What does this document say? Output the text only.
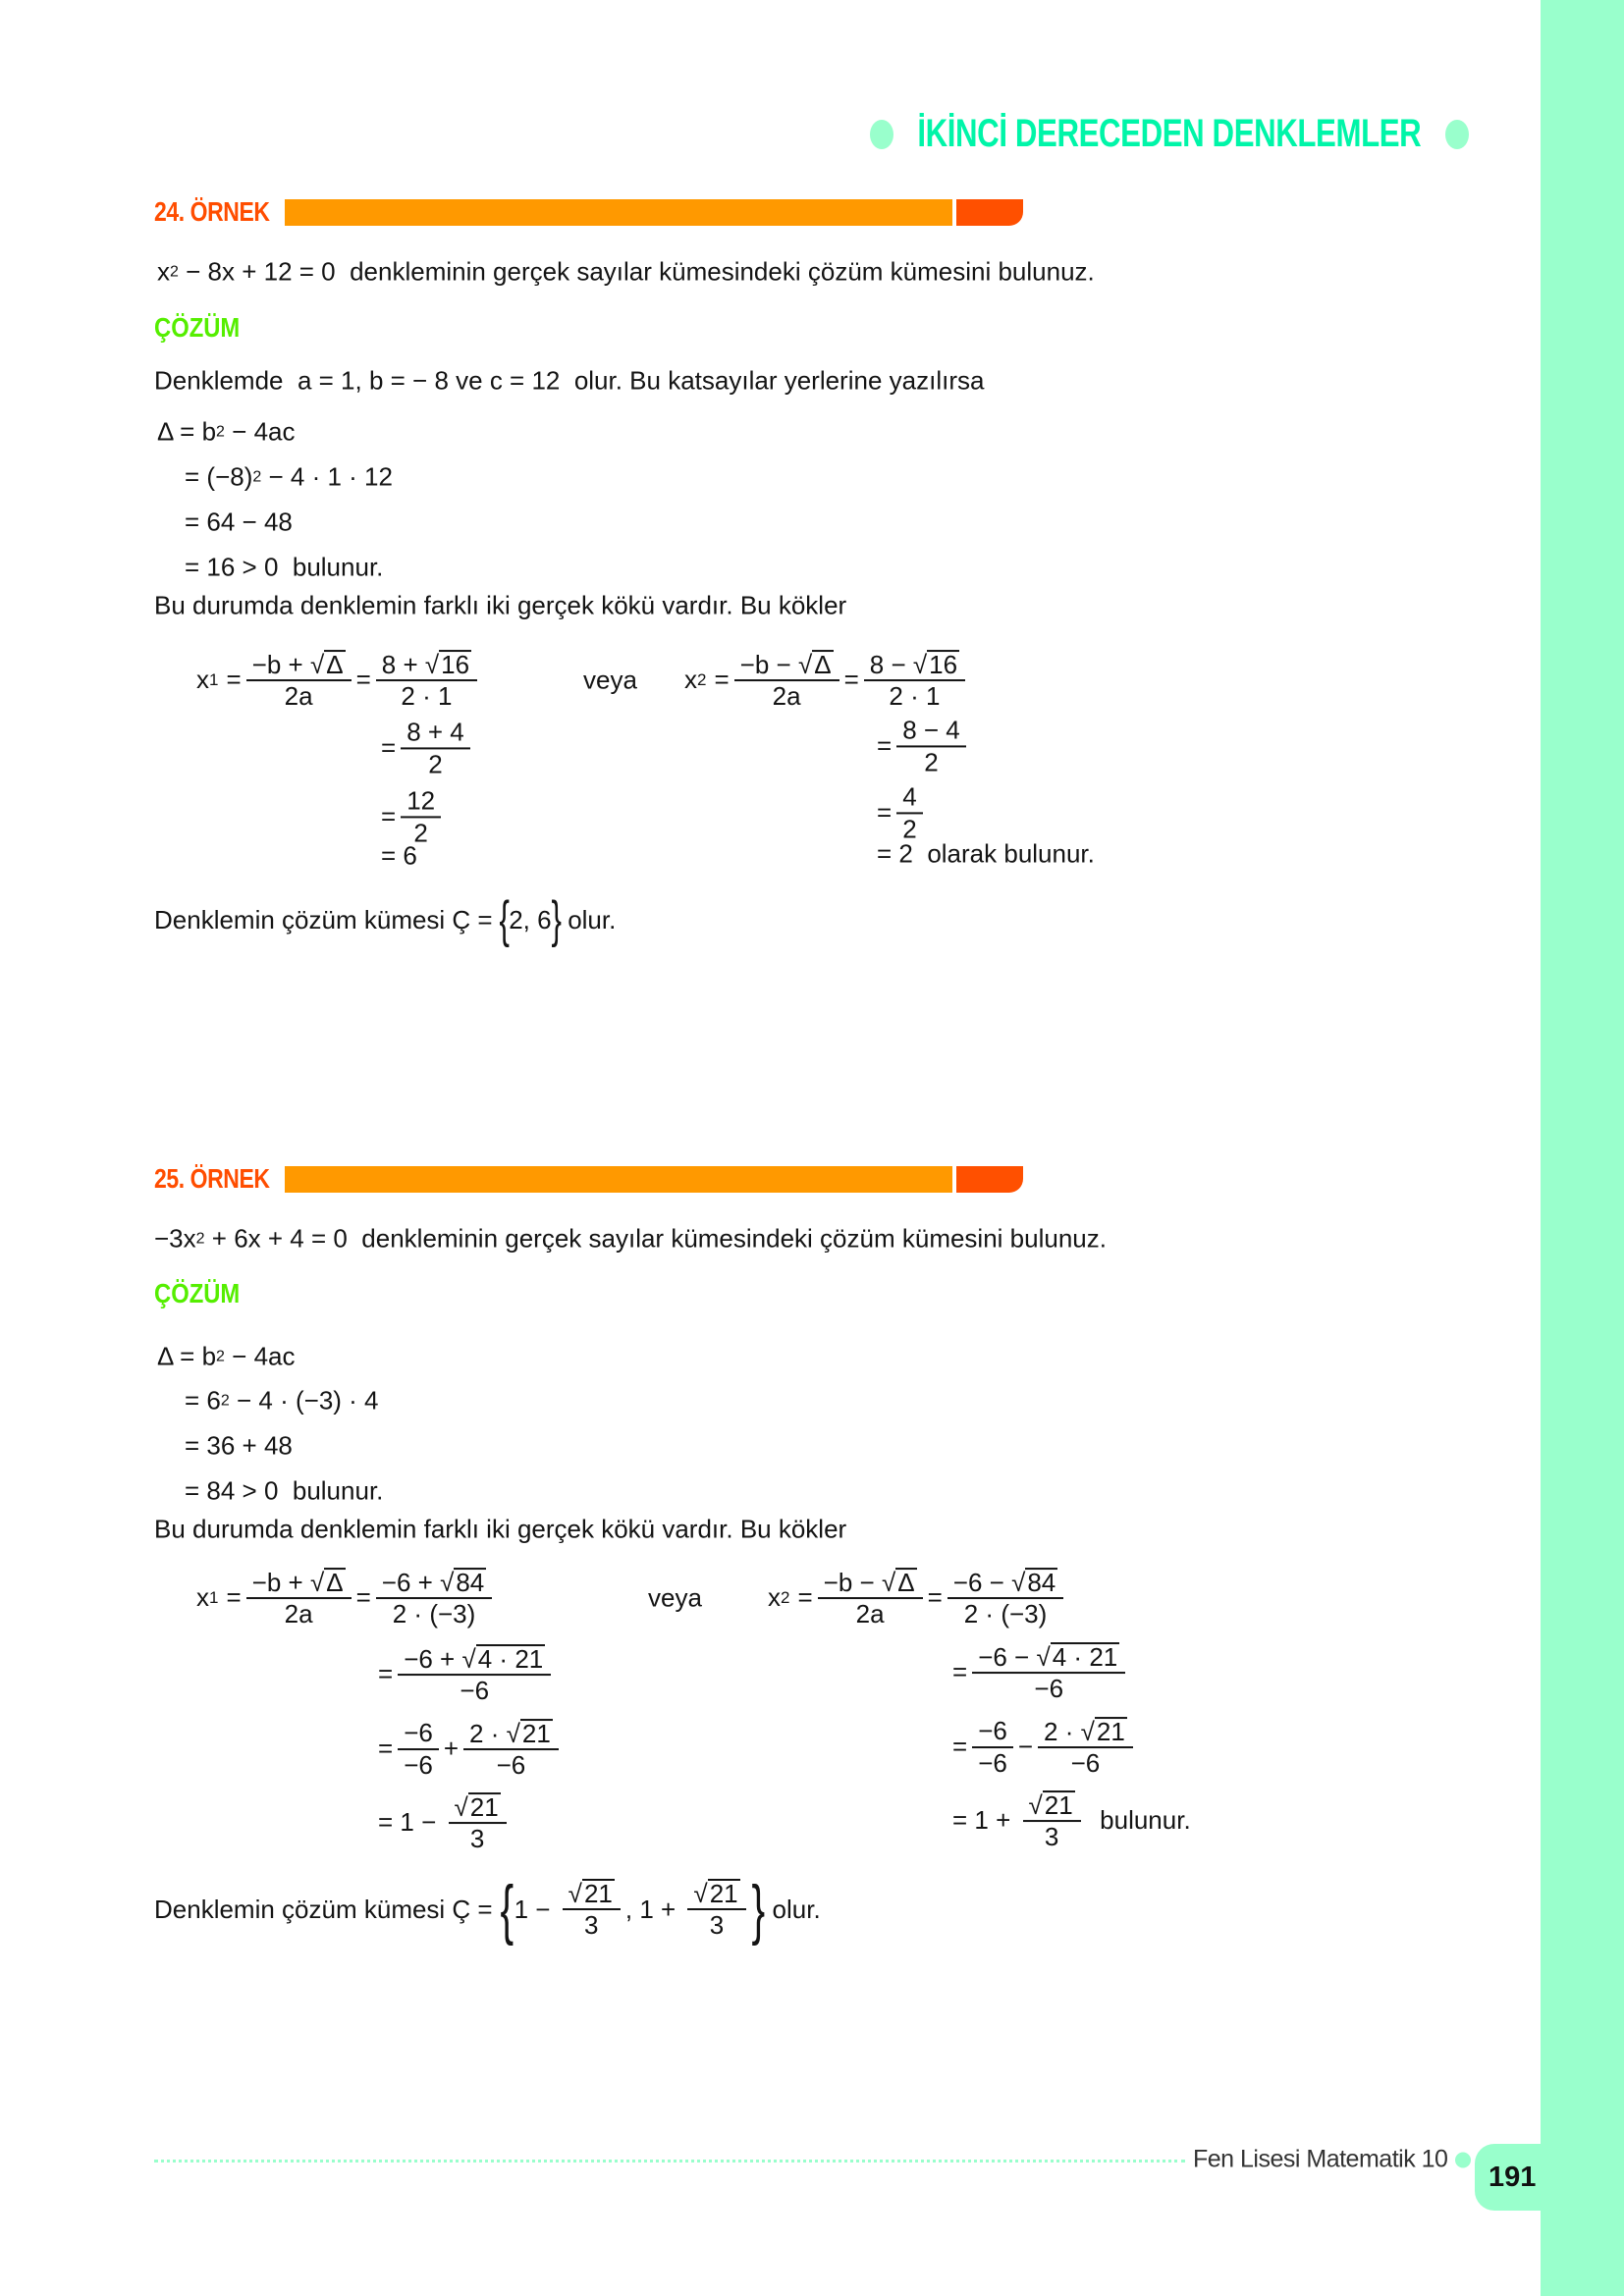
İKİNCİ DERECEDEN DENKLEMLER
24. ÖRNEK
x 2 − 8x + 12 = 0  denkleminin gerçek sayılar kümesindeki çözüm kümesini bulunuz.
ÇÖZÜM
Denklemde  a = 1, b = − 8 ve c = 12  olur. Bu katsayılar yerlerine yazılırsa
Δ = b 2 − 4ac
= (−8) 2 − 4 · 1 · 12
= 64 − 48
= 16 > 0  bulunur.
Bu durumda denklemin farklı iki gerçek kökü vardır. Bu kökler
x $1 = \frac{-b + √ \Delta}{2a} = \frac{8 + √ 16}{2 \cdot 1}$	veya x $2 = \frac{-b - √ \Delta}{2a} = \frac{8 - √ 16}{2 \cdot 1}$
= $\frac{8 + 4}{2}$
= $\frac{12}{2}$
= 6
= $\frac{8 - 4}{2}$
= $\frac{4}{2}$
= 2  olarak bulunur.
Denklemin çözüm kümesi Ç = { 2, 6 } olur.
25. ÖRNEK
−3x 2 + 6x + 4 = 0  denkleminin gerçek sayılar kümesindeki çözüm kümesini bulunuz.
ÇÖZÜM
Δ = b 2 − 4ac
= 6 2 − 4 · (−3) · 4
= 36 + 48
= 84 > 0  bulunur.
Bu durumda denklemin farklı iki gerçek kökü vardır. Bu kökler
x $1 = \frac{-b + √ \Delta}{2a} = \frac{-6 + √ 84}{2 \cdot (-3)}$	veya	x $2 = \frac{-b - √ \Delta}{2a} = \frac{-6 - √ 84}{2 \cdot (-3)}$
= $\frac{-6 + √ 4 \cdot 21}{-6}$
= $\frac{-6}{-6} + \frac{2 \cdot √ 21}{-6}$
= $1 - \frac{√ 21}{3}$
= $\frac{-6 - √ 4 \cdot 21}{-6}$
= $\frac{-6}{-6} - \frac{2 \cdot √ 21}{-6}$
= $1 + \frac{√ 21}{3}$ bulunur.
Denklemin çözüm kümesi Ç = { $1 - \frac{√ 21}{3}$ , $1 + \frac{√ 21}{3}$ } olur.
Fen Lisesi Matematik 10
191
